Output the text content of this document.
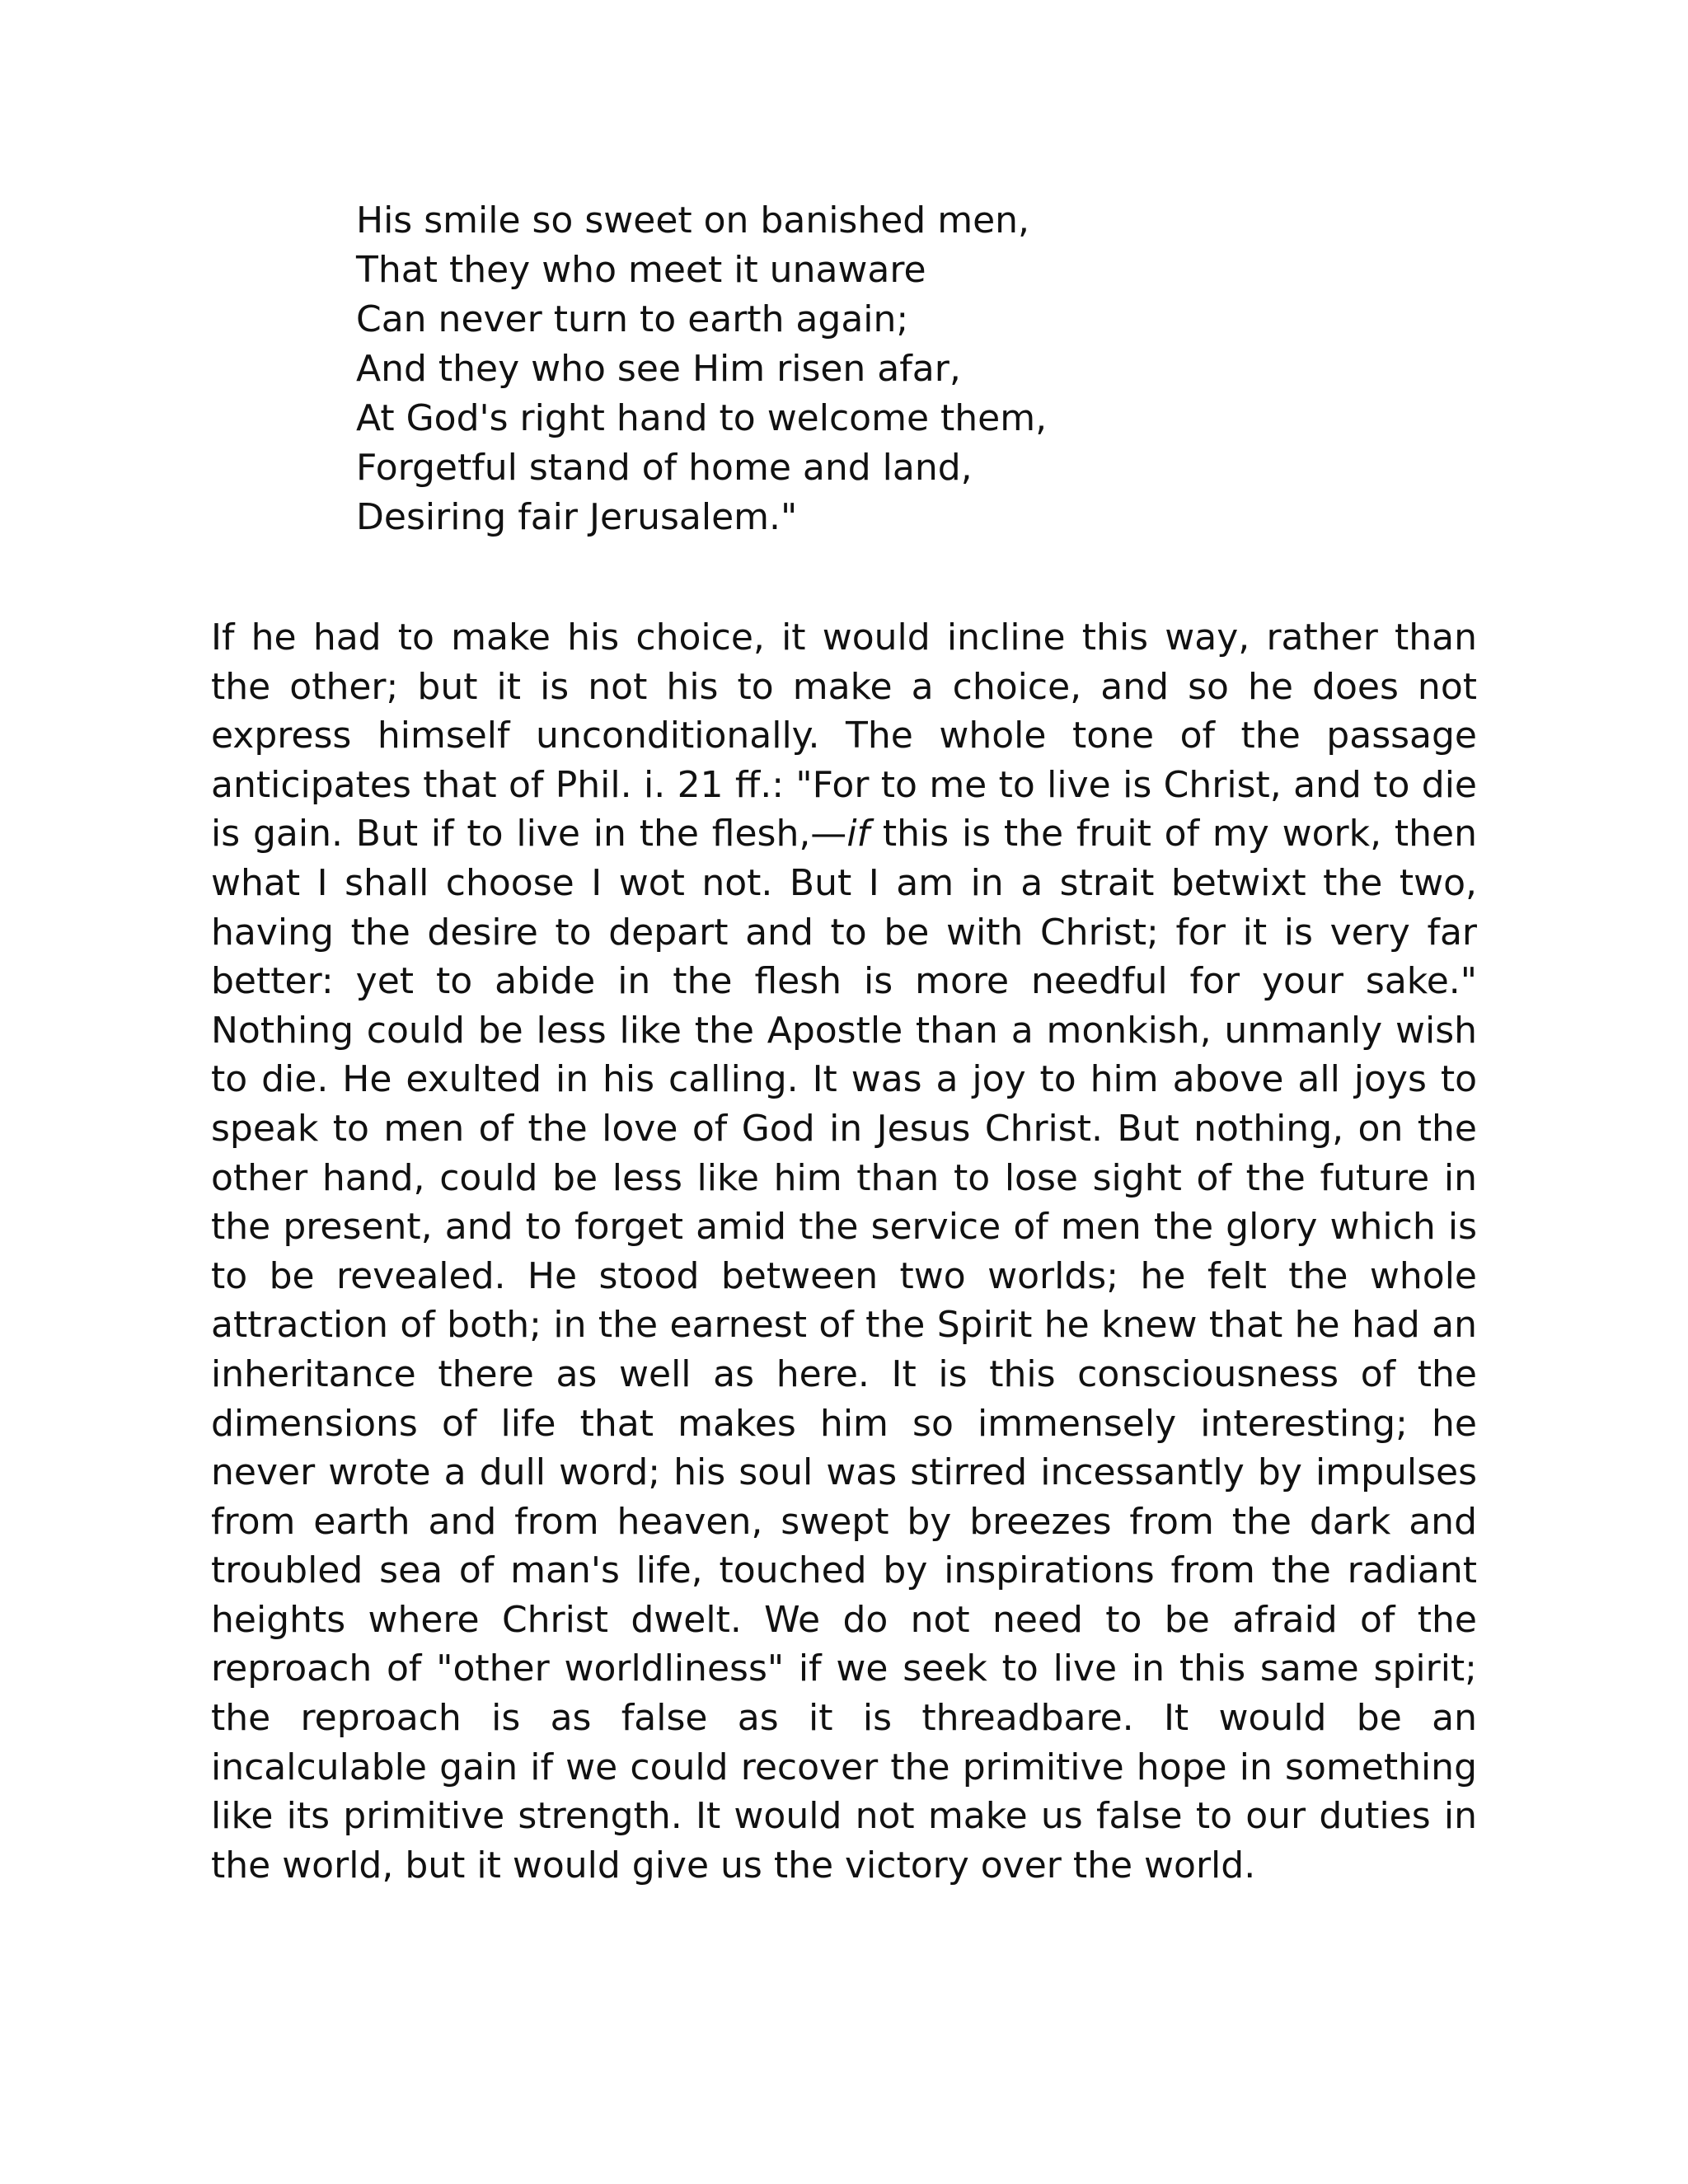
His smile so sweet on banished men,
That they who meet it unaware
Can never turn to earth again;
And they who see Him risen afar,
At God's right hand to welcome them,
Forgetful stand of home and land,
Desiring fair Jerusalem."

If he had to make his choice, it would incline this way, rather than the other; but it is not his to make a choice, and so he does not express himself unconditionally. The whole tone of the passage anticipates that of Phil. i. 21 ff.: "For to me to live is Christ, and to die is gain. But if to live in the flesh,—if this is the fruit of my work, then what I shall choose I wot not. But I am in a strait betwixt the two, having the desire to depart and to be with Christ; for it is very far better: yet to abide in the flesh is more needful for your sake." Nothing could be less like the Apostle than a monkish, unmanly wish to die. He exulted in his calling. It was a joy to him above all joys to speak to men of the love of God in Jesus Christ. But nothing, on the other hand, could be less like him than to lose sight of the future in the present, and to forget amid the service of men the glory which is to be revealed. He stood between two worlds; he felt the whole attraction of both; in the earnest of the Spirit he knew that he had an inheritance there as well as here. It is this consciousness of the dimensions of life that makes him so immensely interesting; he never wrote a dull word; his soul was stirred incessantly by impulses from earth and from heaven, swept by breezes from the dark and troubled sea of man's life, touched by inspirations from the radiant heights where Christ dwelt. We do not need to be afraid of the reproach of "other worldliness" if we seek to live in this same spirit; the reproach is as false as it is threadbare. It would be an incalculable gain if we could recover the primitive hope in something like its primitive strength. It would not make us false to our duties in the world, but it would give us the victory over the world.
